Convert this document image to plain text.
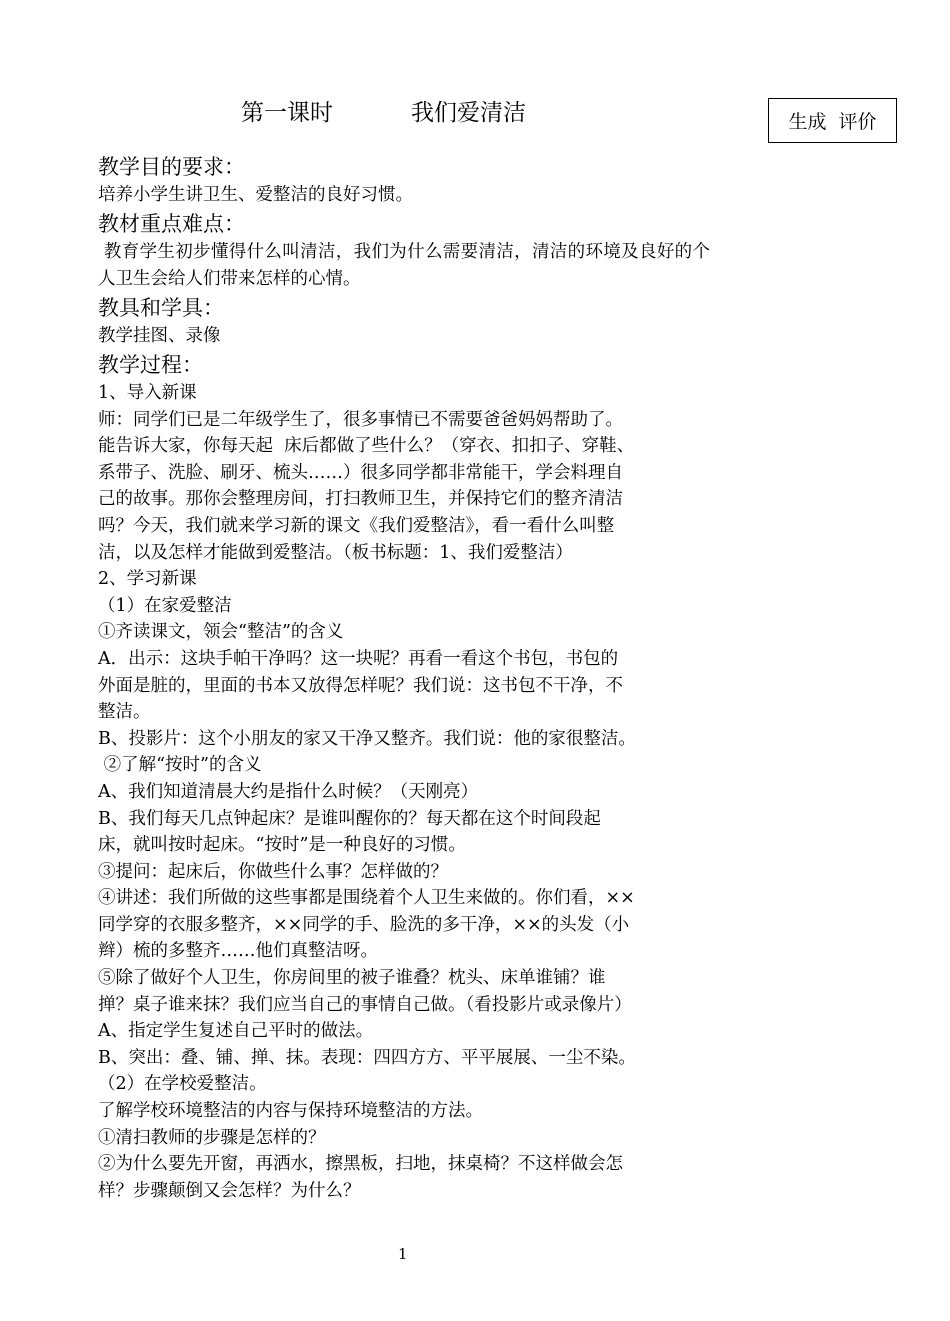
第一课时	我们爱清洁	生成  评价
教学目的要求：
培养小学生讲卫生、爱整洁的良好习惯。
教材重点难点：
教育学生初步懂得什么叫清洁，我们为什么需要清洁，清洁的环境及良好的个人卫生会给人们带来怎样的心情。
教具和学具：
教学挂图、录像
教学过程：
1、导入新课
师：同学们已是二年级学生了，很多事情已不需要爸爸妈妈帮助了。
能告诉大家，你每天起  床后都做了些什么？（穿衣、扣扣子、穿鞋、
系带子、洗脸、刷牙、梳头……）很多同学都非常能干，学会料理自
己的故事。那你会整理房间，打扫教师卫生，并保持它们的整齐清洁
吗？今天，我们就来学习新的课文《我们爱整洁》，看一看什么叫整
洁，以及怎样才能做到爱整洁。（板书标题：1、我们爱整洁）
2、学习新课
（1）在家爱整洁
①齐读课文，领会“整洁”的含义
A．出示：这块手帕干净吗？这一块呢？再看一看这个书包，书包的
外面是脏的，里面的书本又放得怎样呢？我们说：这书包不干净，不
整洁。
B、投影片：这个小朋友的家又干净又整齐。我们说：他的家很整洁。
②了解“按时”的含义
A、我们知道清晨大约是指什么时候？（天刚亮）
B、我们每天几点钟起床？是谁叫醒你的？每天都在这个时间段起
床，就叫按时起床。“按时”是一种良好的习惯。
③提问：起床后，你做些什么事？怎样做的？
④讲述：我们所做的这些事都是围绕着个人卫生来做的。你们看，××
同学穿的衣服多整齐，××同学的手、脸洗的多干净，××的头发（小
辫）梳的多整齐……他们真整洁呀。
⑤除了做好个人卫生，你房间里的被子谁叠？枕头、床单谁铺？谁
掸？桌子谁来抹？我们应当自己的事情自己做。（看投影片或录像片）
A、指定学生复述自己平时的做法。
B、突出：叠、铺、掸、抹。表现：四四方方、平平展展、一尘不染。
（2）在学校爱整洁。
了解学校环境整洁的内容与保持环境整洁的方法。
①清扫教师的步骤是怎样的？
②为什么要先开窗，再洒水，擦黑板，扫地，抹桌椅？不这样做会怎
样？步骤颠倒又会怎样？为什么？
1
